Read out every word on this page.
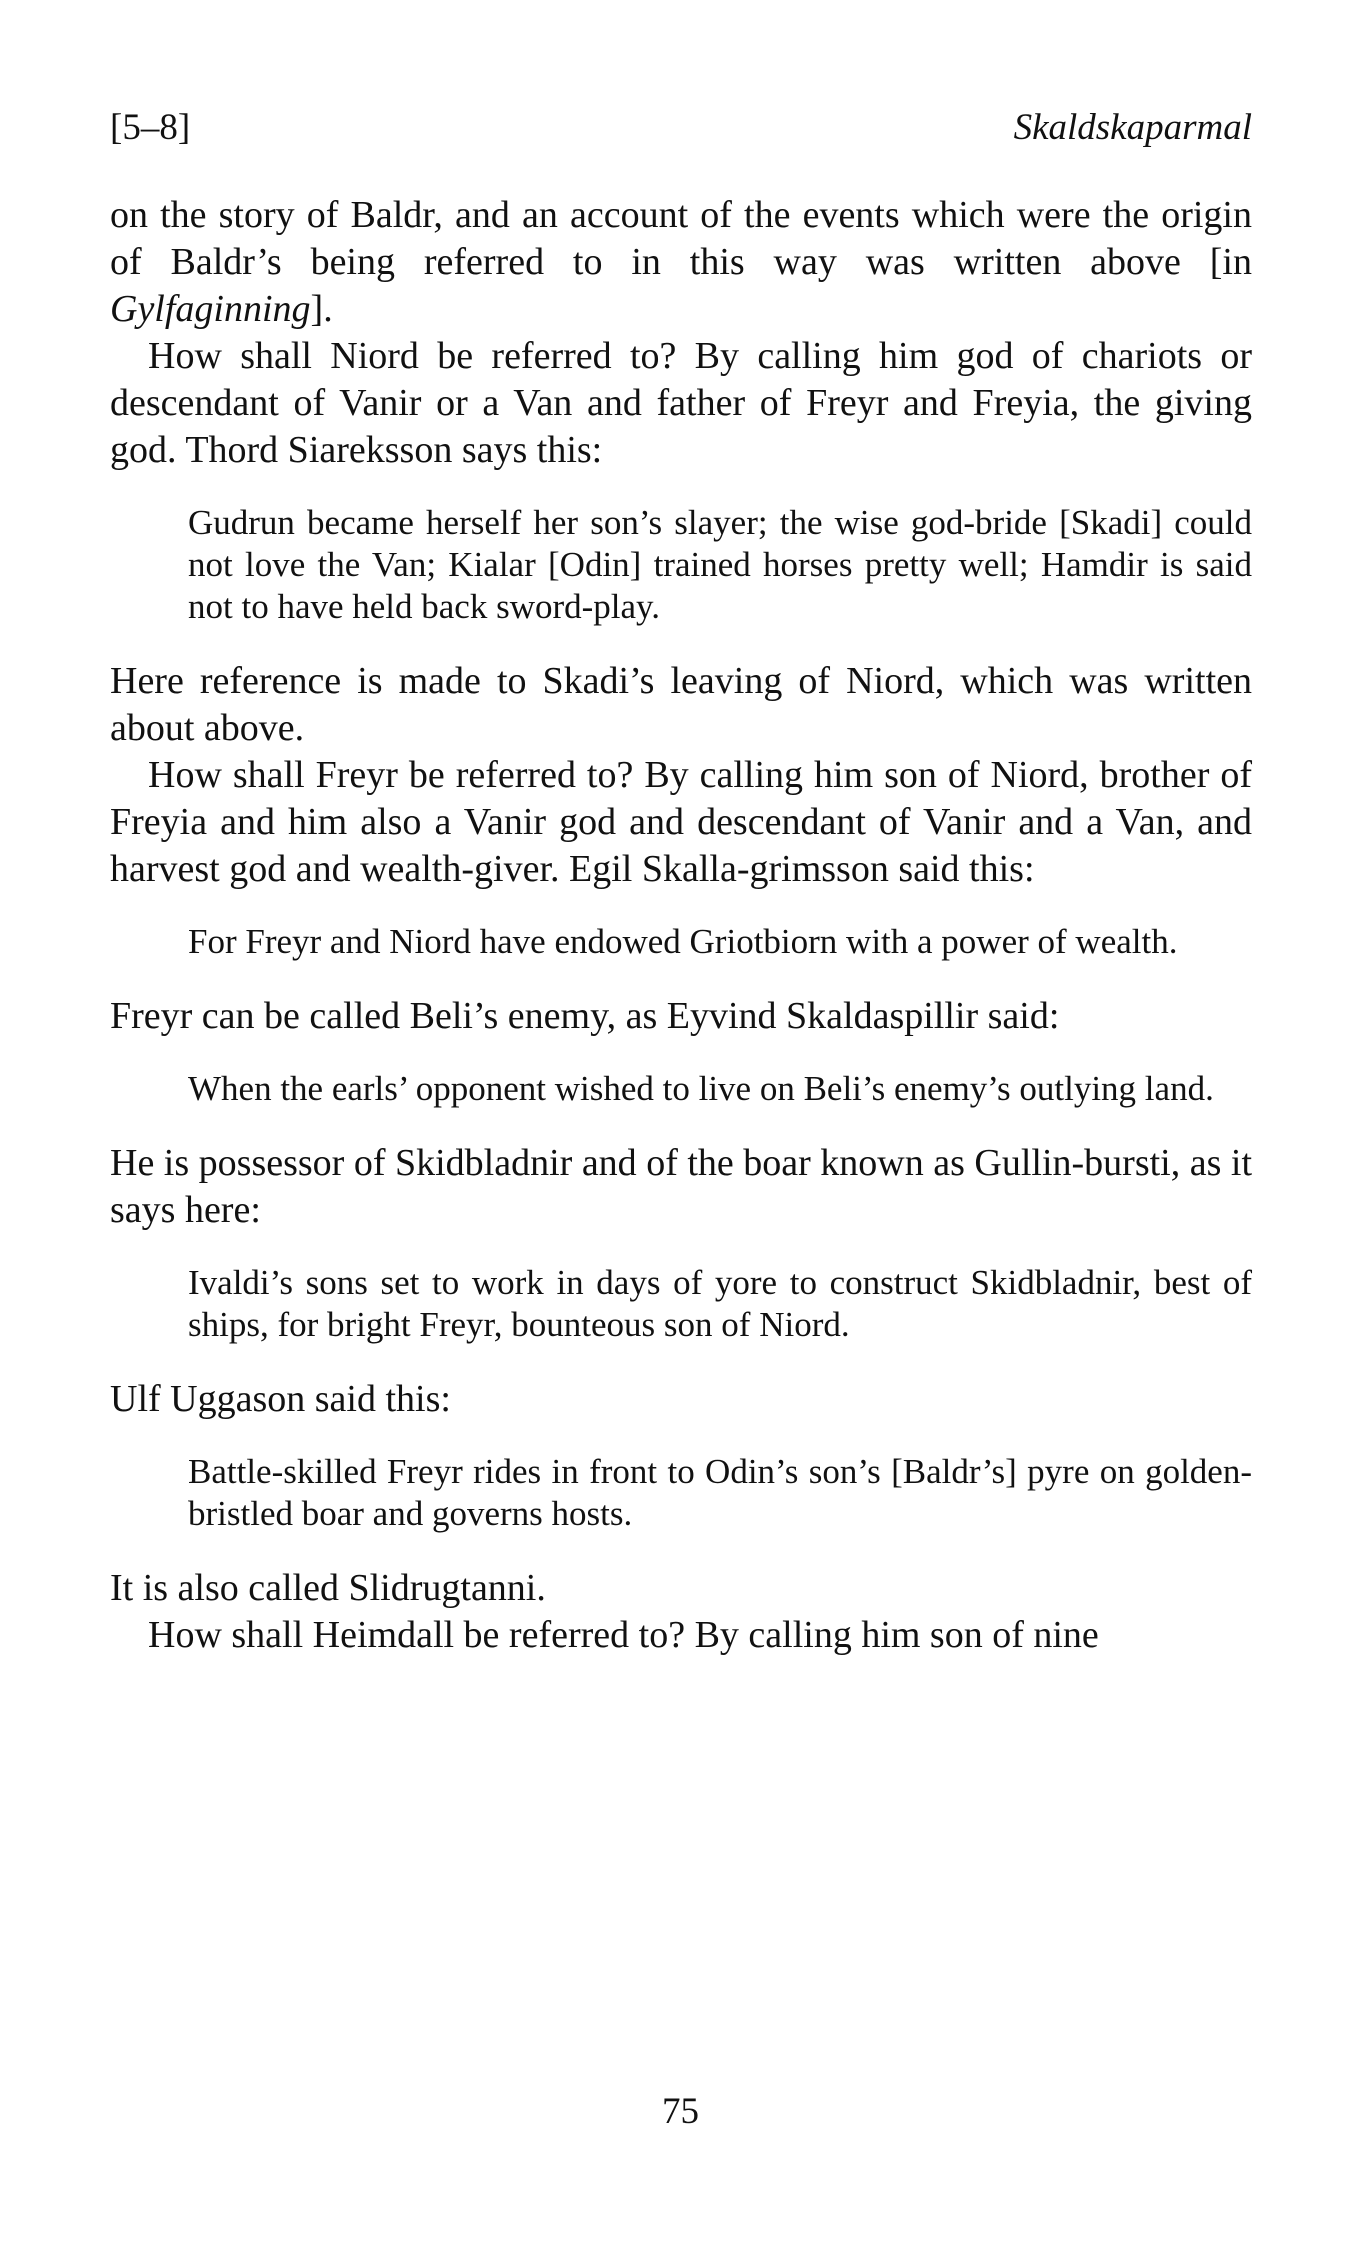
[5–8]	Skaldskaparmal

on the story of Baldr, and an account of the events which were the origin of Baldr’s being referred to in this way was written above [in Gylfaginning].

How shall Niord be referred to? By calling him god of chariots or descendant of Vanir or a Van and father of Freyr and Freyia, the giving god. Thord Siareksson says this:

Gudrun became herself her son’s slayer; the wise god-bride [Skadi] could not love the Van; Kialar [Odin] trained horses pretty well; Hamdir is said not to have held back sword-play.

Here reference is made to Skadi’s leaving of Niord, which was written about above.

How shall Freyr be referred to? By calling him son of Niord, brother of Freyia and him also a Vanir god and descendant of Vanir and a Van, and harvest god and wealth-giver. Egil Skalla-grimsson said this:

For Freyr and Niord have endowed Griotbiorn with a power of wealth.

Freyr can be called Beli’s enemy, as Eyvind Skaldaspillir said:

When the earls’ opponent wished to live on Beli’s enemy’s outlying land.

He is possessor of Skidbladnir and of the boar known as Gullin-bursti, as it says here:

Ivaldi’s sons set to work in days of yore to construct Skidbladnir, best of ships, for bright Freyr, bounteous son of Niord.

Ulf Uggason said this:

Battle-skilled Freyr rides in front to Odin’s son’s [Baldr’s] pyre on golden-bristled boar and governs hosts.

It is also called Slidrugtanni.

How shall Heimdall be referred to? By calling him son of nine

75
